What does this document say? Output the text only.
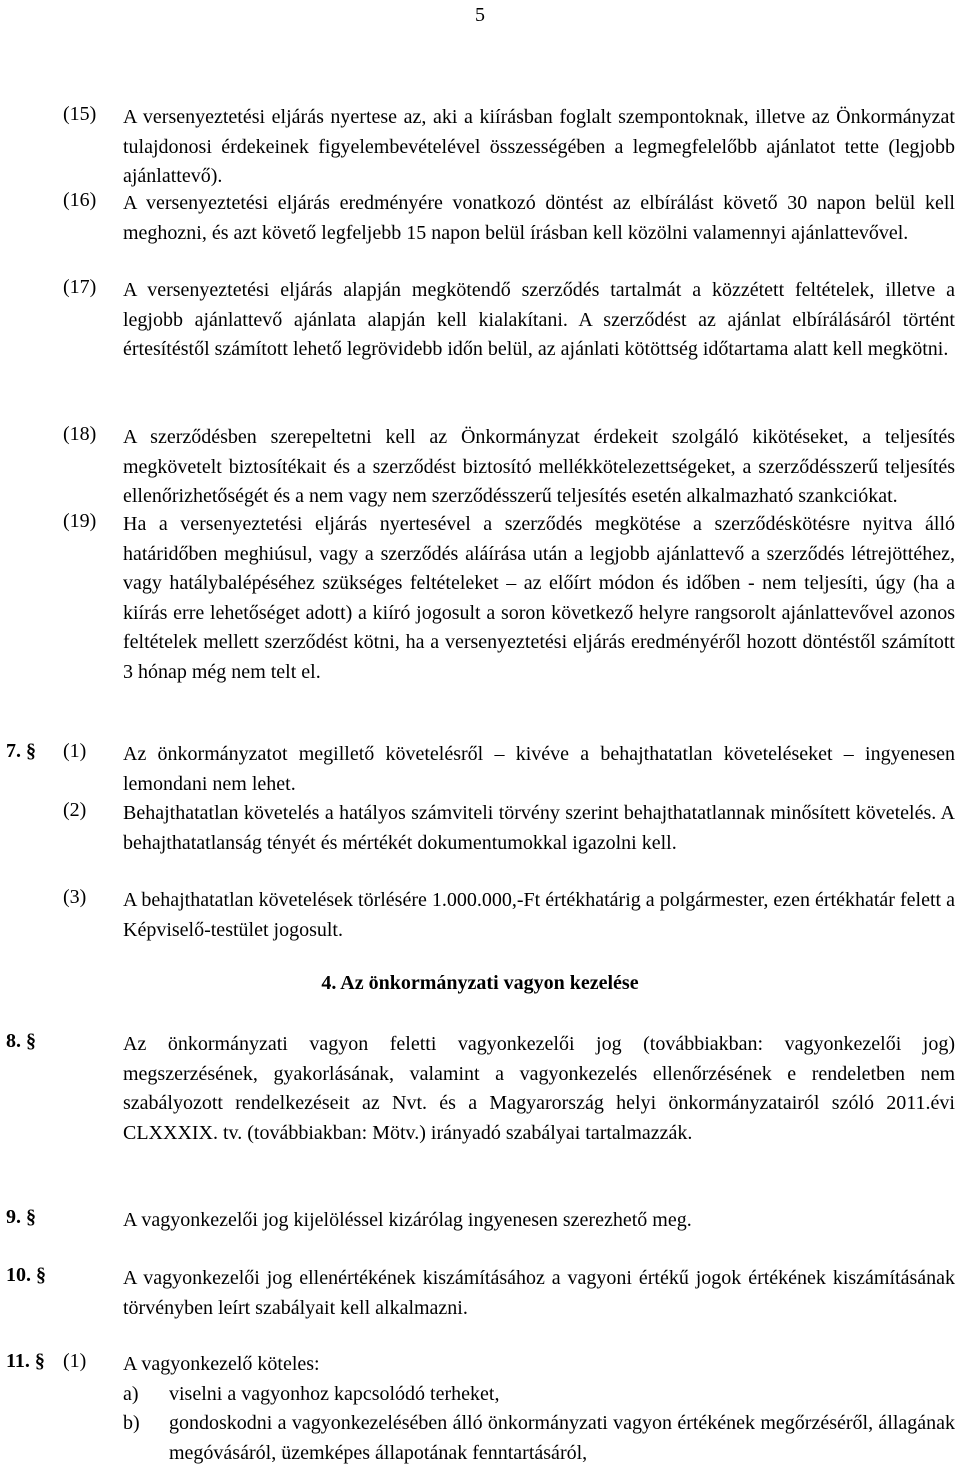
5
(15) A versenyeztetési eljárás nyertese az, aki a kiírásban foglalt szempontoknak, illetve az Önkormányzat tulajdonosi érdekeinek figyelembevételével összességében a legmegfelelőbb ajánlatot tette (legjobb ajánlattevő).
(16) A versenyeztetési eljárás eredményére vonatkozó döntést az elbírálást követő 30 napon belül kell meghozni, és azt követő legfeljebb 15 napon belül írásban kell közölni valamennyi ajánlattevővel.
(17) A versenyeztetési eljárás alapján megkötendő szerződés tartalmát a közzétett feltételek, illetve a legjobb ajánlattevő ajánlata alapján kell kialakítani. A szerződést az ajánlat elbírálásáról történt értesítéstől számított lehető legrövidebb időn belül, az ajánlati kötöttség időtartama alatt kell megkötni.
(18) A szerződésben szerepeltetni kell az Önkormányzat érdekeit szolgáló kikötéseket, a teljesítés megkövetelt biztosítékait és a szerződést biztosító mellékkötelezettségeket, a szerződésszerű teljesítés ellenőrizhetőségét és a nem vagy nem szerződésszerű teljesítés esetén alkalmazható szankciókat.
(19) Ha a versenyeztetési eljárás nyertesével a szerződés megkötése a szerződéskötésre nyitva álló határidőben meghiúsul, vagy a szerződés aláírása után a legjobb ajánlattevő a szerződés létrejöttéhez, vagy hatálybalépéséhez szükséges feltételeket – az előírt módon és időben - nem teljesíti, úgy (ha a kiírás erre lehetőséget adott) a kiíró jogosult a soron következő helyre rangsorolt ajánlattevővel azonos feltételek mellett szerződést kötni, ha a versenyeztetési eljárás eredményéről hozott döntéstől számított 3 hónap még nem telt el.
7. § (1) Az önkormányzatot megillető követelésről – kivéve a behajthatatlan követeléseket – ingyenesen lemondani nem lehet.
(2) Behajthatatlan követelés a hatályos számviteli törvény szerint behajthatatlannak minősített követelés. A behajthatatlanság tényét és mértékét dokumentumokkal igazolni kell.
(3) A behajthatatlan követelések törlésére 1.000.000,-Ft értékhatárig a polgármester, ezen értékhatár felett a Képviselő-testület jogosult.
4. Az önkormányzati vagyon kezelése
8. §	Az önkormányzati vagyon feletti vagyonkezelői jog (továbbiakban: vagyonkezelői jog) megszerzésének, gyakorlásának, valamint a vagyonkezelés ellenőrzésének e rendeletben nem szabályozott rendelkezéseit az Nvt. és a Magyarország helyi önkormányzatairól szóló 2011.évi CLXXXIX. tv. (továbbiakban: Mötv.) irányadó szabályai tartalmazzák.
9. §	A vagyonkezelői jog kijelöléssel kizárólag ingyenesen szerezhető meg.
10. §	A vagyonkezelői jog ellenértékének kiszámításához a vagyoni értékű jogok értékének kiszámításának törvényben leírt szabályait kell alkalmazni.
11. § (1) A vagyonkezelő köteles:
a) viselni a vagyonhoz kapcsolódó terheket,
b) gondoskodni a vagyonkezelésében álló önkormányzati vagyon értékének megőrzéséről, állagának megóvásáról, üzemképes állapotának fenntartásáról,
